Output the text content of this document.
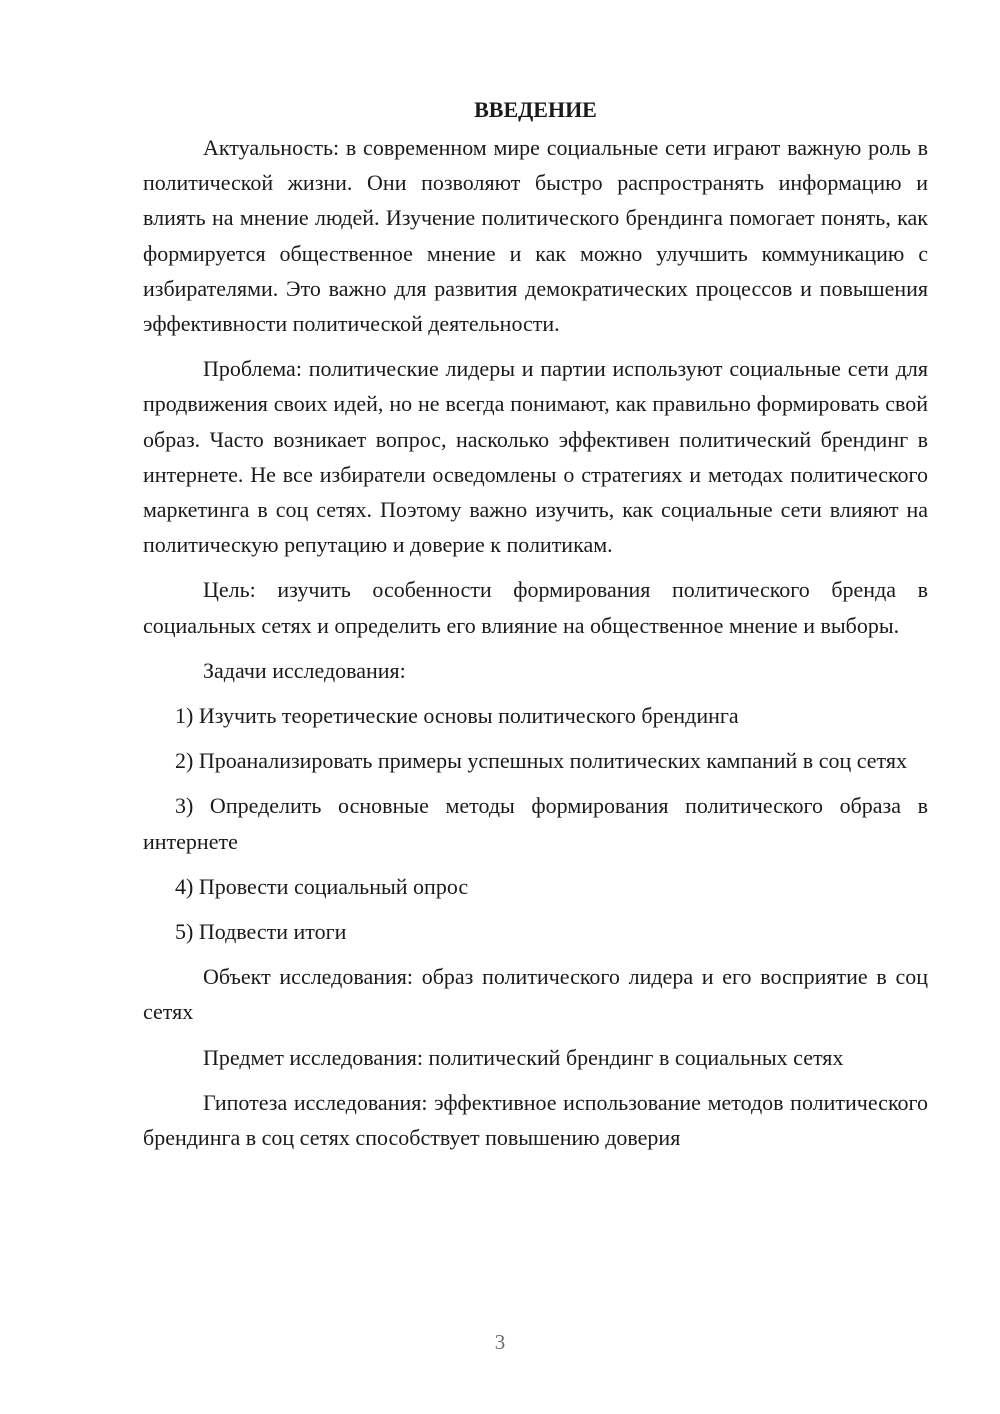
ВВЕДЕНИЕ

Актуальность: в современном мире социальные сети играют важную роль в политической жизни. Они позволяют быстро распространять информацию и влиять на мнение людей. Изучение политического брендинга помогает понять, как формируется общественное мнение и как можно улучшить коммуникацию с избирателями. Это важно для развития демократических процессов и повышения эффективности политической деятельности.

Проблема: политические лидеры и партии используют социальные сети для продвижения своих идей, но не всегда понимают, как правильно формировать свой образ. Часто возникает вопрос, насколько эффективен политический брендинг в интернете. Не все избиратели осведомлены о стратегиях и методах политического маркетинга в соц сетях. Поэтому важно изучить, как социальные сети влияют на политическую репутацию и доверие к политикам.

Цель: изучить особенности формирования политического бренда в социальных сетях и определить его влияние на общественное мнение и выборы.

Задачи исследования:

1) Изучить теоретические основы политического брендинга

2) Проанализировать примеры успешных политических кампаний в соц сетях

3) Определить основные методы формирования политического образа в интернете

4) Провести социальный опрос

5) Подвести итоги

Объект исследования: образ политического лидера и его восприятие в соц сетях

Предмет исследования: политический брендинг в социальных сетях

Гипотеза исследования: эффективное использование методов политического брендинга в соц сетях способствует повышению доверия

3
